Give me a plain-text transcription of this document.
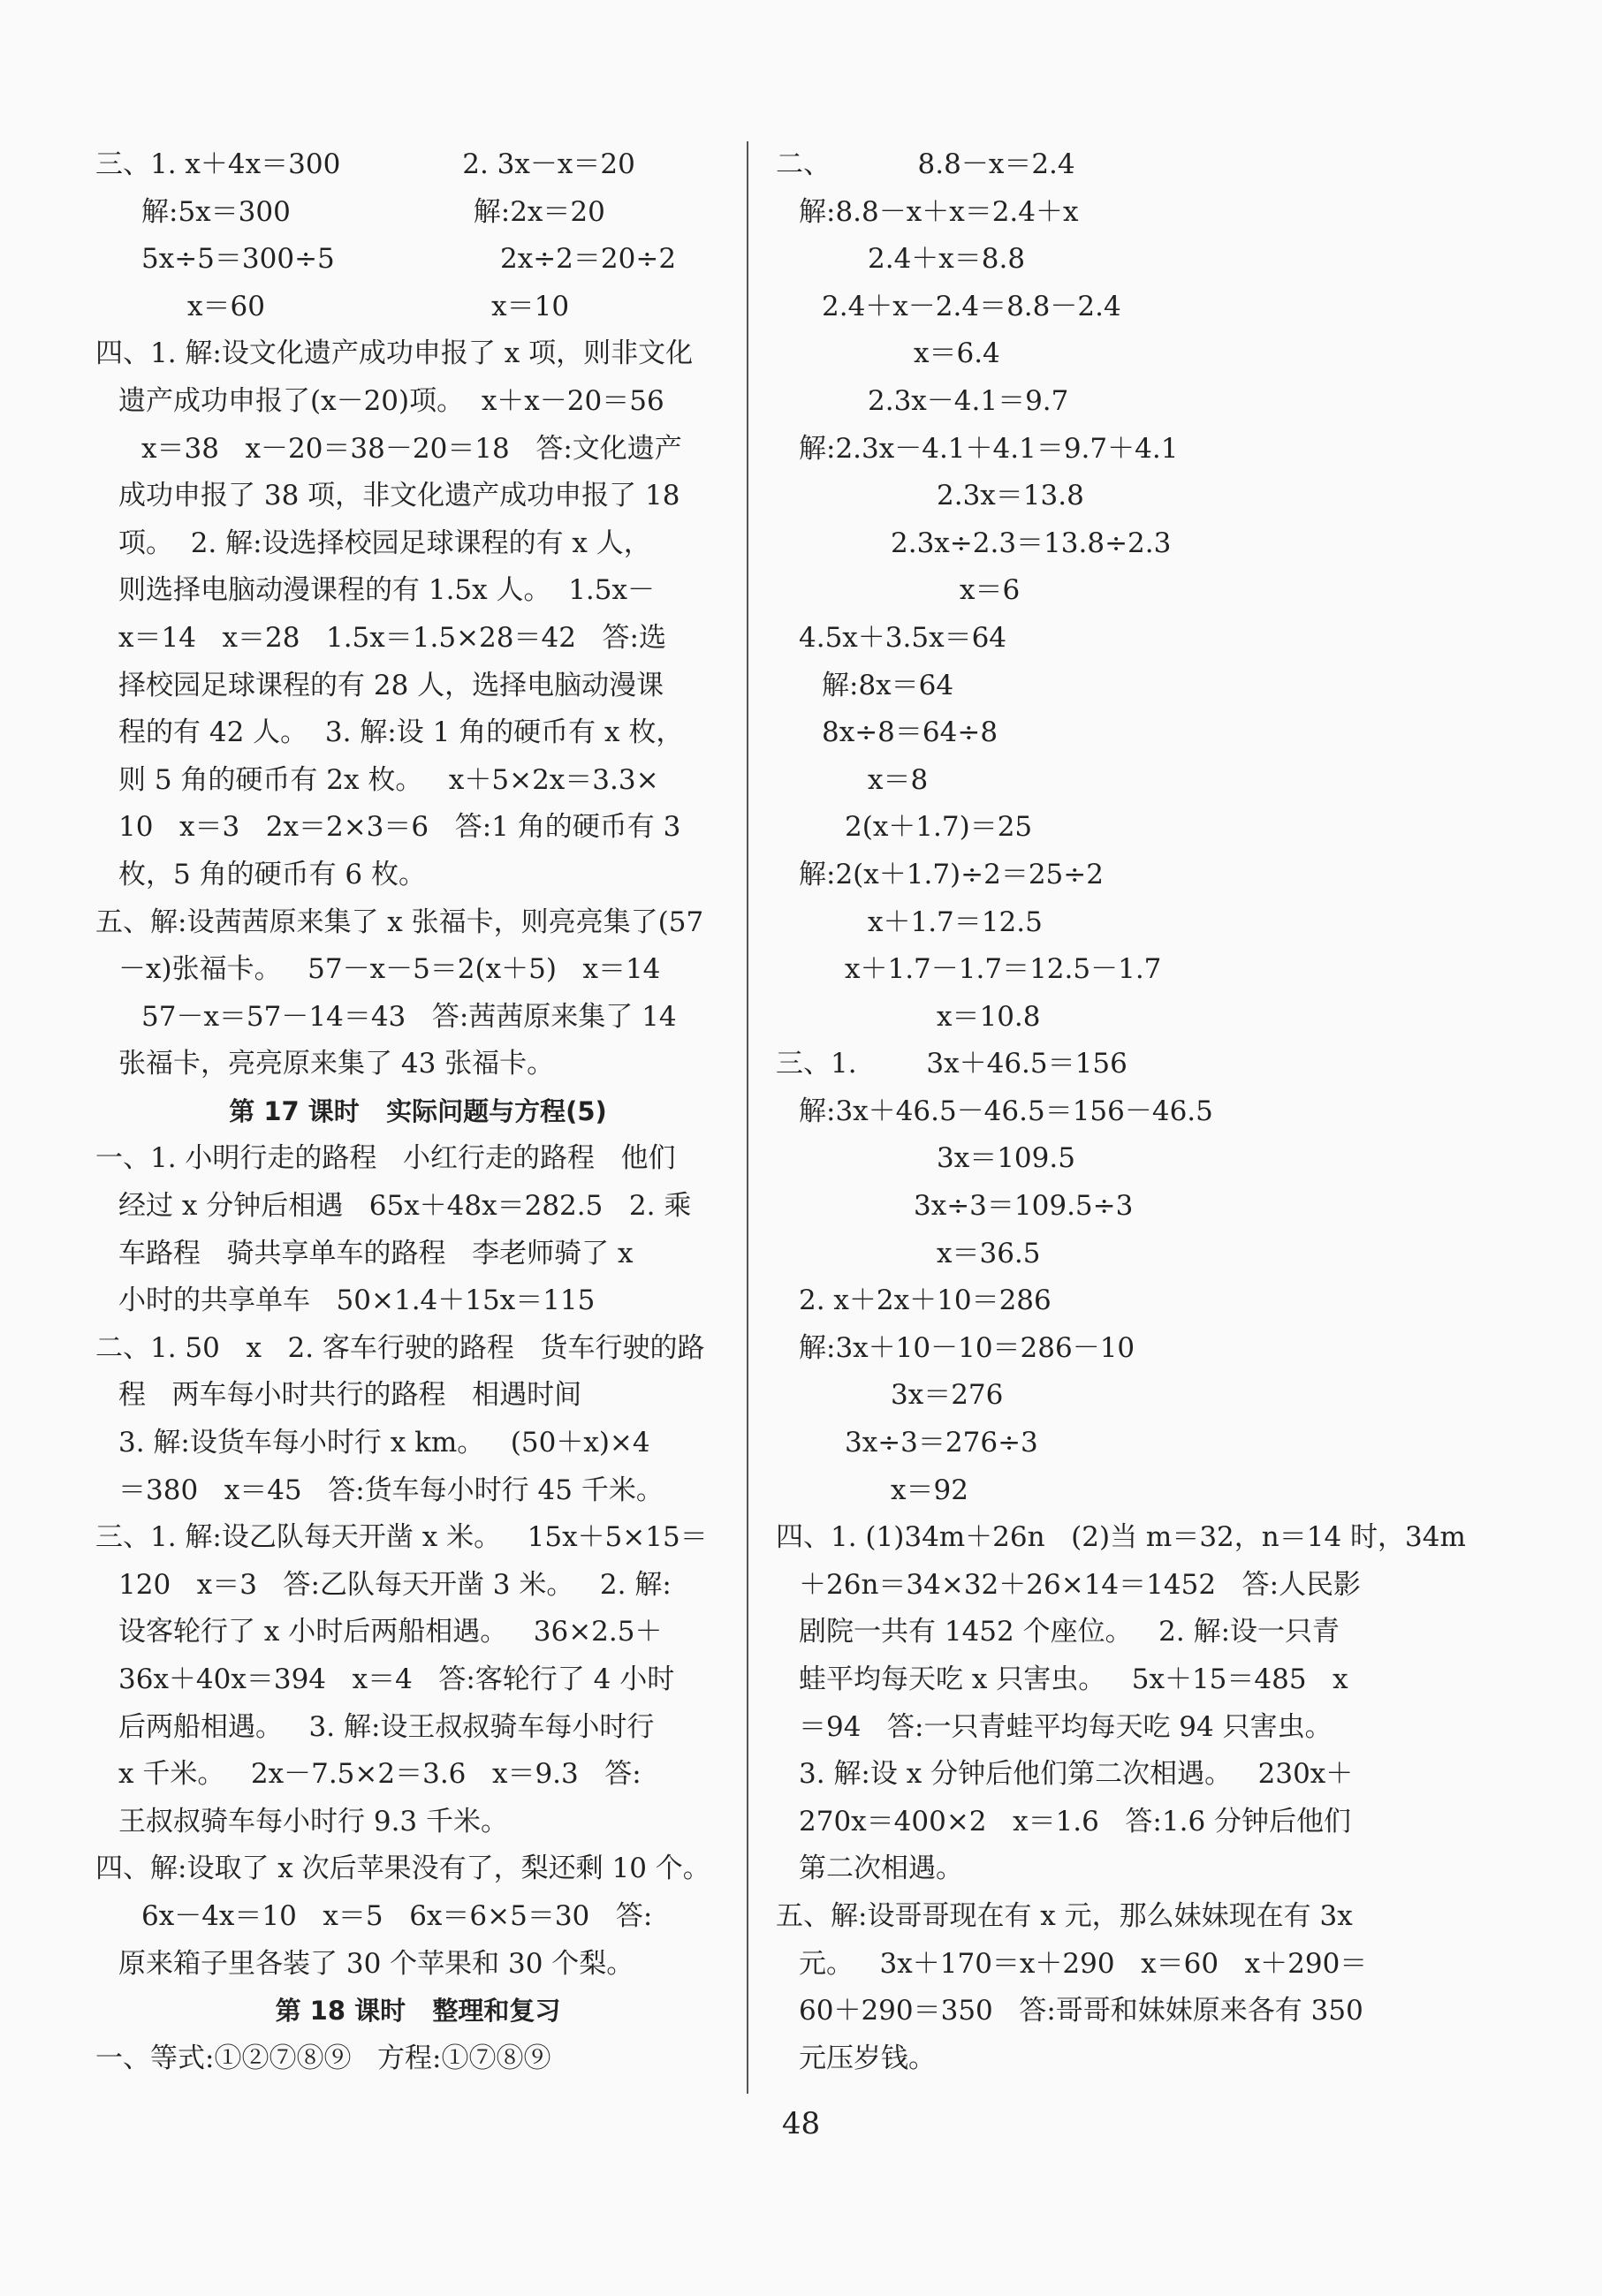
三、1. x＋4x＝300              2. 3x－x＝20
解:5x＝300                     解:2x＝20
5x÷5＝300÷5                   2x÷2＝20÷2
x＝60                          x＝10
四、1. 解:设文化遗产成功申报了 x 项，则非文化
遗产成功申报了(x－20)项。  x＋x－20＝56
x＝38   x－20＝38－20＝18   答:文化遗产
成功申报了 38 项，非文化遗产成功申报了 18
项。  2. 解:设选择校园足球课程的有 x 人，
则选择电脑动漫课程的有 1.5x 人。  1.5x－
x＝14   x＝28   1.5x＝1.5×28＝42   答:选
择校园足球课程的有 28 人，选择电脑动漫课
程的有 42 人。  3. 解:设 1 角的硬币有 x 枚，
则 5 角的硬币有 2x 枚。   x＋5×2x＝3.3×
10   x＝3   2x＝2×3＝6   答:1 角的硬币有 3
枚，5 角的硬币有 6 枚。
五、解:设茜茜原来集了 x 张福卡，则亮亮集了(57
－x)张福卡。   57－x－5＝2(x＋5)   x＝14
57－x＝57－14＝43   答:茜茜原来集了 14
张福卡，亮亮原来集了 43 张福卡。
第 17 课时   实际问题与方程(5)
一、1. 小明行走的路程   小红行走的路程   他们
经过 x 分钟后相遇   65x＋48x＝282.5   2. 乘
车路程   骑共享单车的路程   李老师骑了 x
小时的共享单车   50×1.4＋15x＝115
二、1. 50   x   2. 客车行驶的路程   货车行驶的路
程   两车每小时共行的路程   相遇时间
3. 解:设货车每小时行 x km。   (50＋x)×4
＝380   x＝45   答:货车每小时行 45 千米。
三、1. 解:设乙队每天开凿 x 米。   15x＋5×15＝
120   x＝3   答:乙队每天开凿 3 米。   2. 解:
设客轮行了 x 小时后两船相遇。   36×2.5＋
36x＋40x＝394   x＝4   答:客轮行了 4 小时
后两船相遇。   3. 解:设王叔叔骑车每小时行
x 千米。   2x－7.5×2＝3.6   x＝9.3   答:
王叔叔骑车每小时行 9.3 千米。
四、解:设取了 x 次后苹果没有了，梨还剩 10 个。
6x－4x＝10   x＝5   6x＝6×5＝30   答:
原来箱子里各装了 30 个苹果和 30 个梨。
第 18 课时   整理和复习
一、等式:①②⑦⑧⑨   方程:①⑦⑧⑨
二、          8.8－x＝2.4
解:8.8－x＋x＝2.4＋x
2.4＋x＝8.8
2.4＋x－2.4＝8.8－2.4
x＝6.4
2.3x－4.1＝9.7
解:2.3x－4.1＋4.1＝9.7＋4.1
2.3x＝13.8
2.3x÷2.3＝13.8÷2.3
x＝6
4.5x＋3.5x＝64
解:8x＝64
8x÷8＝64÷8
x＝8
2(x＋1.7)＝25
解:2(x＋1.7)÷2＝25÷2
x＋1.7＝12.5
x＋1.7－1.7＝12.5－1.7
x＝10.8
三、1.        3x＋46.5＝156
解:3x＋46.5－46.5＝156－46.5
3x＝109.5
3x÷3＝109.5÷3
x＝36.5
2. x＋2x＋10＝286
解:3x＋10－10＝286－10
3x＝276
3x÷3＝276÷3
x＝92
四、1. (1)34m＋26n   (2)当 m＝32，n＝14 时，34m
＋26n＝34×32＋26×14＝1452   答:人民影
剧院一共有 1452 个座位。   2. 解:设一只青
蛙平均每天吃 x 只害虫。   5x＋15＝485   x
＝94   答:一只青蛙平均每天吃 94 只害虫。
3. 解:设 x 分钟后他们第二次相遇。   230x＋
270x＝400×2   x＝1.6   答:1.6 分钟后他们
第二次相遇。
五、解:设哥哥现在有 x 元，那么妹妹现在有 3x
元。   3x＋170＝x＋290   x＝60   x＋290＝
60＋290＝350   答:哥哥和妹妹原来各有 350
元压岁钱。
48
